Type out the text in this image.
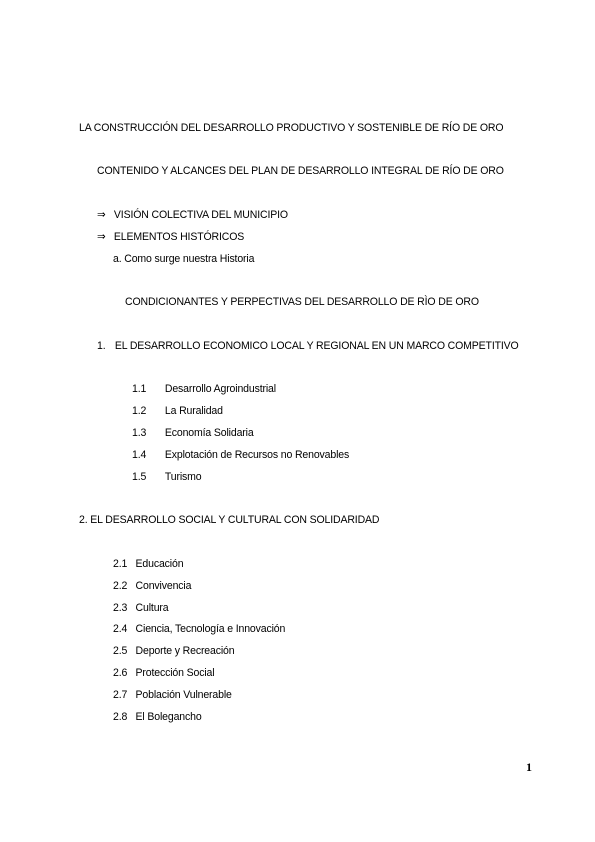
LA CONSTRUCCIÓN DEL DESARROLLO PRODUCTIVO Y SOSTENIBLE DE RÍO DE ORO
CONTENIDO Y ALCANCES DEL PLAN DE DESARROLLO INTEGRAL DE RÍO DE ORO
⇒ VISIÓN COLECTIVA DEL MUNICIPIO
⇒ ELEMENTOS HISTÓRICOS
a. Como surge nuestra Historia
CONDICIONANTES Y PERPECTIVAS DEL DESARROLLO DE RÌO DE ORO
1. EL DESARROLLO ECONOMICO LOCAL Y REGIONAL EN UN MARCO COMPETITIVO
1.1 Desarrollo Agroindustrial
1.2 La Ruralidad
1.3 Economía Solidaria
1.4 Explotación de Recursos no Renovables
1.5 Turismo
2. EL DESARROLLO SOCIAL Y CULTURAL CON SOLIDARIDAD
2.1 Educación
2.2 Convivencia
2.3 Cultura
2.4 Ciencia, Tecnología e Innovación
2.5 Deporte y Recreación
2.6 Protección Social
2.7 Población Vulnerable
2.8 El Bolegancho
1
